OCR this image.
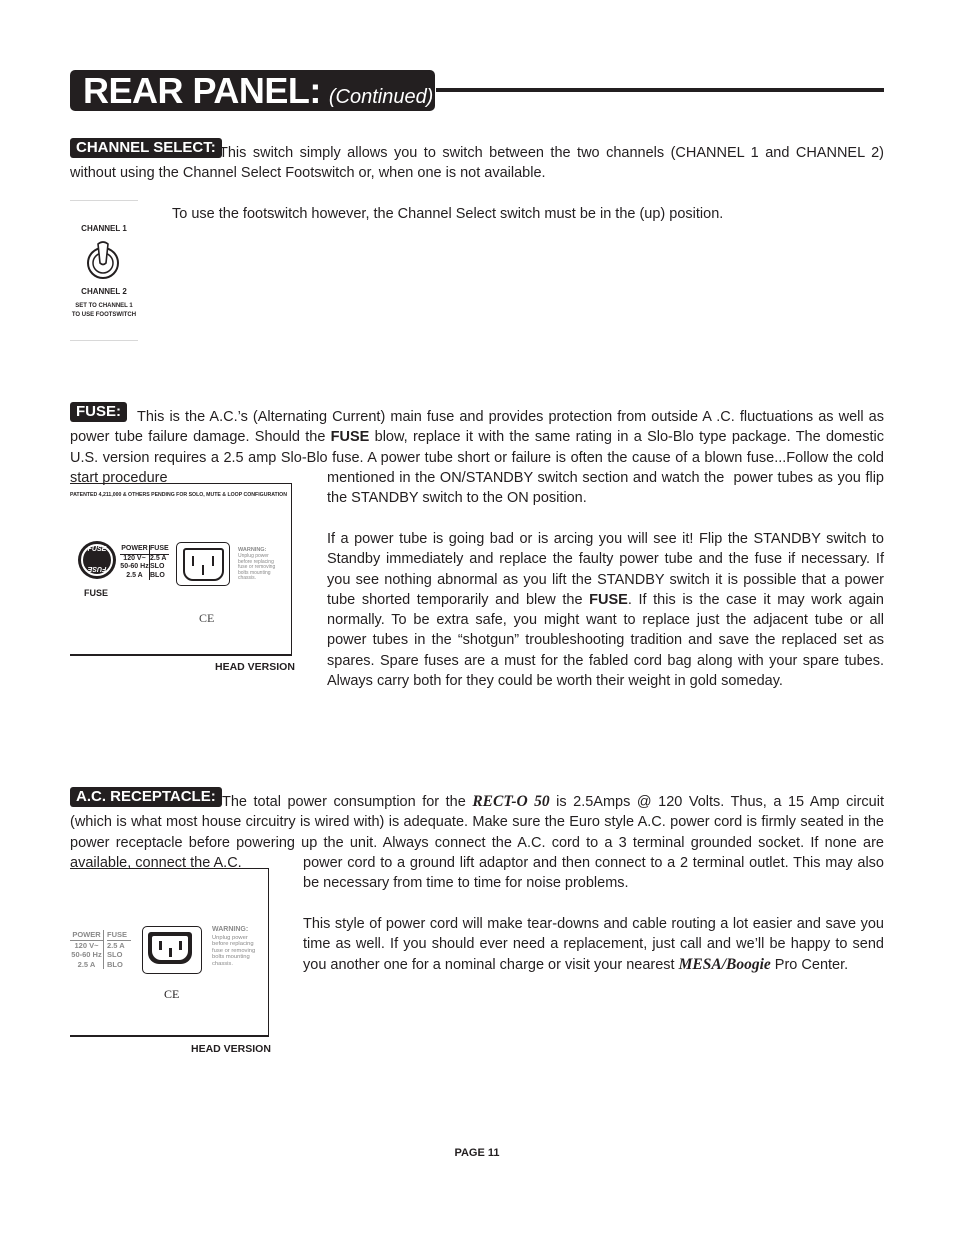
REAR PANEL: (Continued)
CHANNEL SELECT: This switch simply allows you to switch between the two channels (CHANNEL 1 and CHANNEL 2) without using the Channel Select Footswitch or, when one is not available.

To use the footswitch however, the Channel Select switch must be in the (up) position.

CHANNEL 1
CHANNEL 2
SET TO CHANNEL 1
TO USE FOOTSWITCH
FUSE:	This is the A.C.’s (Alternating Current) main fuse and provides protection from outside A .C. fluctuations as well as power tube failure damage. Should the FUSE blow, replace it with the same rating in a Slo-Blo type package. The domestic U.S. version requires a 2.5 amp Slo-Blo fuse. A power tube short or failure is often the cause of a blown fuse...Follow the cold start procedure	mentioned in the ON/STANDBY switch section and watch the  power tubes as you flip the STANDBY switch to the ON position.

If a power tube is going bad or is arcing you will see it! Flip the STANDBY switch to Standby immediately and replace the faulty power tube and the fuse if necessary. If you see nothing abnormal as you lift the STANDBY switch it is possible that a power tube shorted temporarily and blew the FUSE. If this is the case it may work again normally. To be extra safe, you might want to replace just the adjacent tube or all power tubes in the “shotgun” troubleshooting tradition and save the replaced set as spares. Spare fuses are a must for the fabled cord bag along with your spare tubes. Always carry both for they could be worth their weight in gold someday.

PATENTED 4,211,000 & OTHERS PENDING FOR SOLO, MUTE & LOOP CONFIGURATION
FUSE
FUSE
FUSE
POWER
120 V~
50-60 Hz
2.5 A
FUSE
2.5 A
SLO
BLO
WARNING:
Unplug power
before replacing
fuse or removing
bolts mounting
chassis.
CE
HEAD VERSION
A.C. RECEPTACLE: The total power consumption for the RECT-O 50 is 2.5Amps @ 120 Volts. Thus, a 15 Amp circuit (which is what most house circuitry is wired with) is adequate. Make sure the Euro style A.C. power cord is firmly seated in the power receptacle before powering up the unit. Always connect the A.C. cord to a 3 terminal grounded socket. If none are available, connect the A.C.	power cord to a ground lift adaptor and then connect to a 2 terminal outlet. This may also be necessary from time to time for noise problems.

This style of power cord will make tear-downs and cable routing a lot easier and save you time as well. If you should ever need a replacement, just call and we’ll be happy to send you another one for a nominal charge or visit your nearest MESA/Boogie Pro Center.

POWER
120 V~
50-60 Hz
2.5 A
FUSE
2.5 A
SLO
BLO
WARNING:
Unplug power
before replacing
fuse or removing
bolts mounting
chassis.
CE
HEAD VERSION
PAGE 11
